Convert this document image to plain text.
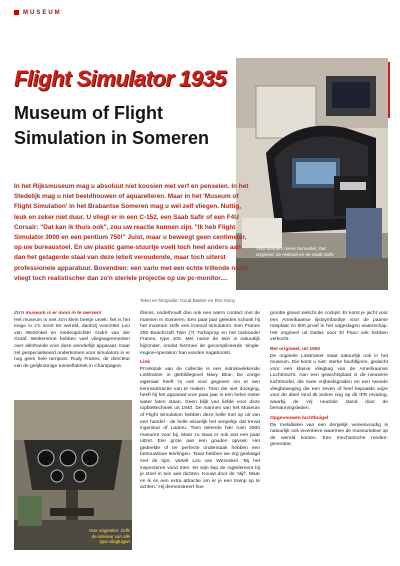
MUSEUM
Voor kenners reeve beroeden, het origineel, de Hellroel en de Saab Safir.
Flight Simulator 1935
Museum of Flight
Simulation in Someren
In het Rijksmuseum mag u absoluut niet koosien met verf en penselen. In het Stedelijk mag u niet beeldhouwen of aquarelleren. Maar in het 'Museum of Flight Simulation' in het Brabantse Someren mag u wél zelf vliegen. Nuttig, leuk en zeker niet duur. U vliegt er in een C-152, een Saab Safir of een F4U Corsair: "Dat kan ik thuis ook", zou uw reactie kunnen zijn. "Ik heb Flight Simulator 3000 en een pentium 750!" Juist, maar u beweegt geen centimeter, op uw bureaustoel. En uw plastic game-stuurtje voelt toch heel anders aan dan het getagerde staal van deze lelieit veroudende, maar toch uiterst professionele apparatuur. Bovendien: een vario met een echte trillende naald vliegt toch realistischer dan zo'n steriele projectie op uw pc-monitor....
Tekst en fotografie: Goud Bakker en Ron Nooy
Zo'n museum is er mooi in te werven!

Het museum is niet zo'n klein beetje uniek: het is het enige in z'n soort ter wereld, dankzij voorzitter Leo van Wezenkel en medeoprichter André van der Graaf. Wiskerenne hebben veel vliegsagrementen over allerhande voor deze wonderlijk apparaat, maar zet gespecialiseerd onderkomen voor simulators in er nog geen hele turnpost. Rudy Franes, de directeur van de gelijknamige tumselfabriek in Champagne,

Illinois, onderhoudt dan ook een warm contact met de mannen in Someren. Een paar jaar geleden schonk hij het museum zelfs een ironical simulators. Een Franes 250 Beachcraft Twin (?) Turboprop en het toeboede! Franes, type 100. Met name de twin is natuurlijk bijzonder, omdat hiermee de gecompliceerde 'single-engine-operation' kan worden nagebootst.

Link

Pronkstuk van de collectie is een indrukwekkende Linktrainer in gtebildegevel Navy Blue. De vorige eigenaar heeft 'm ooit voor gegeven om er een kermisattractie van te maken. Toen die niet doorging, heeft hij het apparaat voor paar jaar in een helve meter water laten staan. Geen blijk van liefde voor deze topbieltechniek uit 1940. De mannen van het Museum of Flight Simulation hebben deze helle mel op uit van een handel - de helle wisselijk het simpeltje dat trevat ingenieur of Laduru. Toen tekende hier ruim 2500 manuren voor bij. Maar zo staat er ook wat een paar uitzet. Een grote aan een gouden opvoet. Het gedeelde of ter perfecte onderstaak hebben een betrouwbare leerlingen. 'Daar hebben we erg geslaagd met de tips', vertelt Leo van Wezenkel. 'Bij het inspecteren vond men: ter wijn liep de ragtelement bij je stoel in tuin aan dichten. Kouwt door de 'stijf'. Maar en ik en een extra attractie om er je een tramp op te achten.' Hij demonstreert hoe

grootte glowd sielicht de cockpit. Er komt je jacht voor een Amerikaanse lijstsymbooltje voor de paarse rotsplaat zo 500 proef in het uitgeslagen waterschap. Het origineel uit Dallas voor El Paso ook hebben verkocht.

Bel origineel, uit 1962

De originele Linktrainer staat natuurlijk ook in het museum. Die komt u niet: sterke hoofdlijnen, gedacht voor een klasse vliegtuig van de Amerikaanse Luchtmacht. Aan een gewichtsplaat is de nieuwere luchtmodel, die twee vrijheidsgraden en een tweede vliegbeweging die een zeven of heel bepaalde wijze voor de dieel rond tik iedere nog op dit IFR ervaring, waarbij de vrij neutrale stand door de bemanningsleden.

Opgevouwen luchtbuigel

De metalliskei van een dergelijk vereenvoudig is natuurlijk ook inventieve waarmee de museumdeur op de wereld komen. Een mechanische ronden-generator,

Voor originelen: Zelfs de interieur van alle type vliegtuigen
